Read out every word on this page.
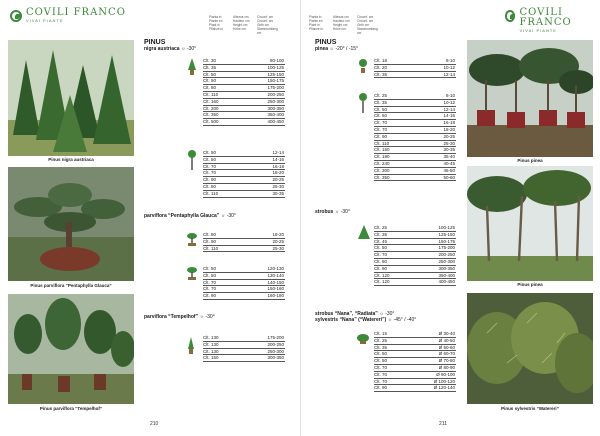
COVILI FRANCO
VIVAI PIANTE
Pianta in
Plante en
Plant in
Pflanze in
Altezza cm
Hauteur cm
Height cm
Höhe cm
Circonf. cm
Circonf. cm
Girth cm
Stammumfang cm
Pinus nigra austriaca
Pinus parviflora “Pentaphylla Glauca”
Pinus parviflora “Tempelhof”
PINUS
nigra austriaca ☼ -30°
Clt. 30	80-100
Clt. 35	100-125
Clt. 50	125-150
Clt. 50	150-175
Clt. 80	175-200
Clt. 110	200-250
Clt. 160	250-300
Clt. 200	300-350
Clt. 350	350-400
Clt. 500	400-450
Clt. 50	12-14
Clt. 50	14-16
Clt. 70	16-18
Clt. 70	18-20
Clt. 90	20-25
Clt. 90	25-30
Clt. 110	30-35
parviflora “Pentaphylla Glauca” ☼ -30°
Clt. 90	18-20
Clt. 90	20-25
Clt. 110	25-30
Clt. 50	120-130
Clt. 50	130-140
Clt. 70	140-150
Clt. 70	150-160
Clt. 90	160-180
parviflora “Tempelhof” ☼ -30°
Clt. 130	175-200
Clt. 130	200-250
Clt. 130	250-300
Clt. 150	300-350
210
Pianta in
Plante en
Plant in
Pflanze in
Altezza cm
Hauteur cm
Height cm
Höhe cm
Circonf. cm
Circonf. cm
Girth cm
Stammumfang cm
COVILI FRANCO
VIVAI PIANTE
PINUS
pinea ☼ -20° / -15°
Clt. 18	8-10
Clt. 20	10-12
Clt. 35	12-14
Clt. 25	8-10
Clt. 35	10-12
Clt. 50	12-14
Clt. 50	14-16
Clt. 70	16-18
Clt. 70	18-20
Clt. 90	20-25
Clt. 110	25-30
Clt. 150	30-35
Clt. 190	35-40
Clt. 240	40-45
Clt. 300	45-50
Clt. 350	50-60
strobus ☼ -30°
Clt. 25	100-125
Clt. 35	125-150
Clt. 45	150-175
Clt. 50	175-200
Clt. 70	200-250
Clt. 80	250-300
Clt. 90	300-350
Clt. 120	350-400
Clt. 120	400-450
strobus “Nana”, “Radiata” ☼ -30°
sylvestris “Nana” (“Watereri”) ☼ -45° / -40°
Clt. 15	Ø 30-40
Clt. 25	Ø 40-50
Clt. 35	Ø 50-60
Clt. 50	Ø 60-70
Clt. 50	Ø 70-80
Clt. 70	Ø 80-90
Clt. 70	Ø 90-100
Clt. 70	Ø 100-120
Clt. 90	Ø 120-140
Pinus pinea
Pinus pinea
Pinus sylvestris “Watereri”
211
